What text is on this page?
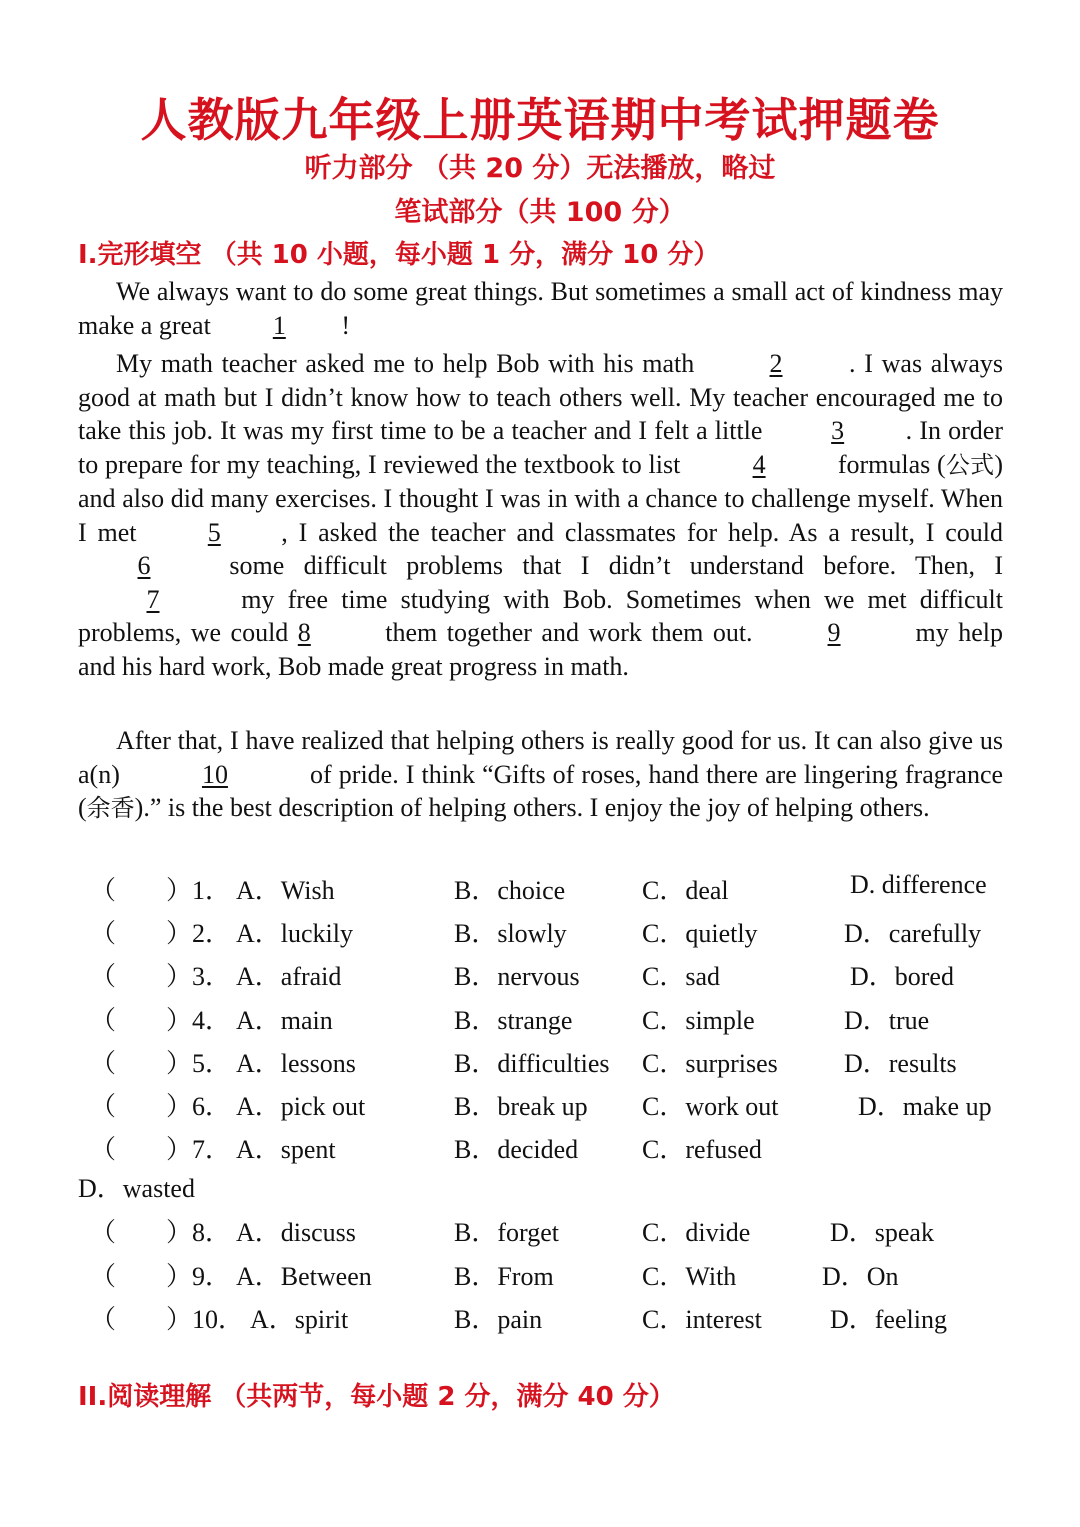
人教版九年级上册英语期中考试押题卷
听力部分 （共 20 分）无法播放，略过
笔试部分（共 100 分）
I.完形填空 （共 10 小题，每小题 1 分，满分 10 分）

We always want to do some great things. But sometimes a small act of kindness may make a great 1 !

My math teacher asked me to help Bob with his math	2	. I was always good at math but I didn’t know how to teach others well. My teacher encouraged me to take this job. It was my first time to be a teacher and I felt a little	3 . In order to prepare for my teaching, I reviewed the textbook to list	4	formulas (公式) and also did many exercises. I thought I was in with a chance to challenge myself. When I met	5 , I asked the teacher and classmates for help. As a result, I could 6	some difficult problems that I didn’t understand before. Then, I 7	my free time studying with Bob. Sometimes when we met difficult problems, we could 8	them together and work them out.	9	my help and his hard work, Bob made great progress in math.

After that, I have realized that helping others is really good for us. It can also give us a(n)	10	of pride. I think “Gifts of roses, hand there are lingering fragrance (余香).” is the best description of helping others. I enjoy the joy of helping others.

（ ） 1． A．Wish	B．choice	C．deal	D. difference
（ ） 2． A．luckily	B．slowly	C．quietly	D．carefully
（ ） 3． A．afraid	B．nervous C．sad	D．bored
（ ） 4． A．main	B．strange	C．simple	D．true
（ ） 5． A．lessons	B．difficulties C．surprises	D．results
（ ） 6． A．pick out	B．break up C．work out	D．make up
（ ） 7． A．spent	B．decided C．refused
D．wasted
（ ） 8． A．discuss	B．forget	C．divide	D．speak
（ ） 9． A．Between	B．From	C．With	D．On
（ ） 10． A．spirit	B．pain	C．interest	D．feeling
II.阅读理解 （共两节，每小题 2 分，满分 40 分）
